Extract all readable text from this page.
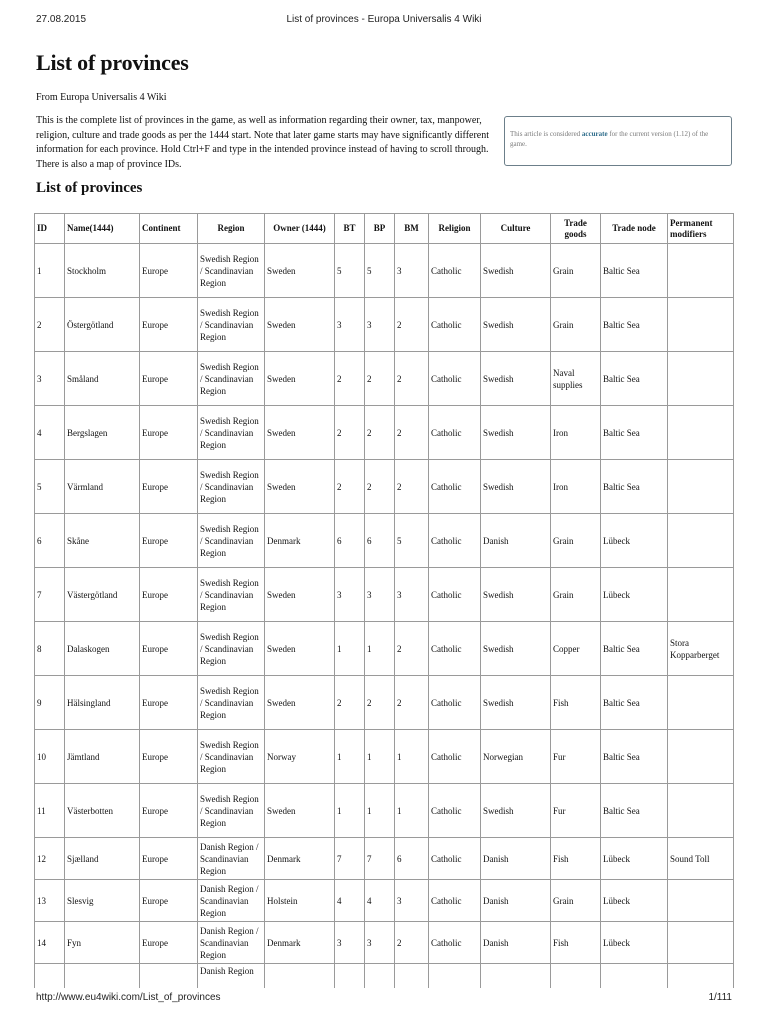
27.08.2015	List of provinces - Europa Universalis 4 Wiki
List of provinces
From Europa Universalis 4 Wiki
This is the complete list of provinces in the game, as well as information regarding their owner, tax, manpower, religion, culture and trade goods as per the 1444 start. Note that later game starts may have significantly different information for each province. Hold Ctrl+F and type in the intended province instead of having to scroll through. There is also a map of province IDs.
This article is considered accurate for the current version (1.12) of the game.
List of provinces
ID	Name(1444)	Continent	Region	Owner (1444)	BT	BP	BM	Religion	Culture	Trade goods	Trade node	Permanent modifiers
1	Stockholm	Europe	Swedish Region / Scandinavian Region	Sweden	5	5	3	Catholic	Swedish	Grain	Baltic Sea	
2	Östergötland	Europe	Swedish Region / Scandinavian Region	Sweden	3	3	2	Catholic	Swedish	Grain	Baltic Sea	
3	Småland	Europe	Swedish Region / Scandinavian Region	Sweden	2	2	2	Catholic	Swedish	Naval supplies	Baltic Sea	
4	Bergslagen	Europe	Swedish Region / Scandinavian Region	Sweden	2	2	2	Catholic	Swedish	Iron	Baltic Sea	
5	Värmland	Europe	Swedish Region / Scandinavian Region	Sweden	2	2	2	Catholic	Swedish	Iron	Baltic Sea	
6	Skåne	Europe	Swedish Region / Scandinavian Region	Denmark	6	6	5	Catholic	Danish	Grain	Lübeck	
7	Västergötland	Europe	Swedish Region / Scandinavian Region	Sweden	3	3	3	Catholic	Swedish	Grain	Lübeck	
8	Dalaskogen	Europe	Swedish Region / Scandinavian Region	Sweden	1	1	2	Catholic	Swedish	Copper	Baltic Sea	Stora Kopparberget
9	Hälsingland	Europe	Swedish Region / Scandinavian Region	Sweden	2	2	2	Catholic	Swedish	Fish	Baltic Sea	
10	Jämtland	Europe	Swedish Region / Scandinavian Region	Norway	1	1	1	Catholic	Norwegian	Fur	Baltic Sea	
11	Västerbotten	Europe	Swedish Region / Scandinavian Region	Sweden	1	1	1	Catholic	Swedish	Fur	Baltic Sea	
12	Sjælland	Europe	Danish Region / Scandinavian Region	Denmark	7	7	6	Catholic	Danish	Fish	Lübeck	Sound Toll
13	Slesvig	Europe	Danish Region / Scandinavian Region	Holstein	4	4	3	Catholic	Danish	Grain	Lübeck	
14	Fyn	Europe	Danish Region / Scandinavian Region	Denmark	3	3	2	Catholic	Danish	Fish	Lübeck	
			Danish Region									
http://www.eu4wiki.com/List_of_provinces	1/111
